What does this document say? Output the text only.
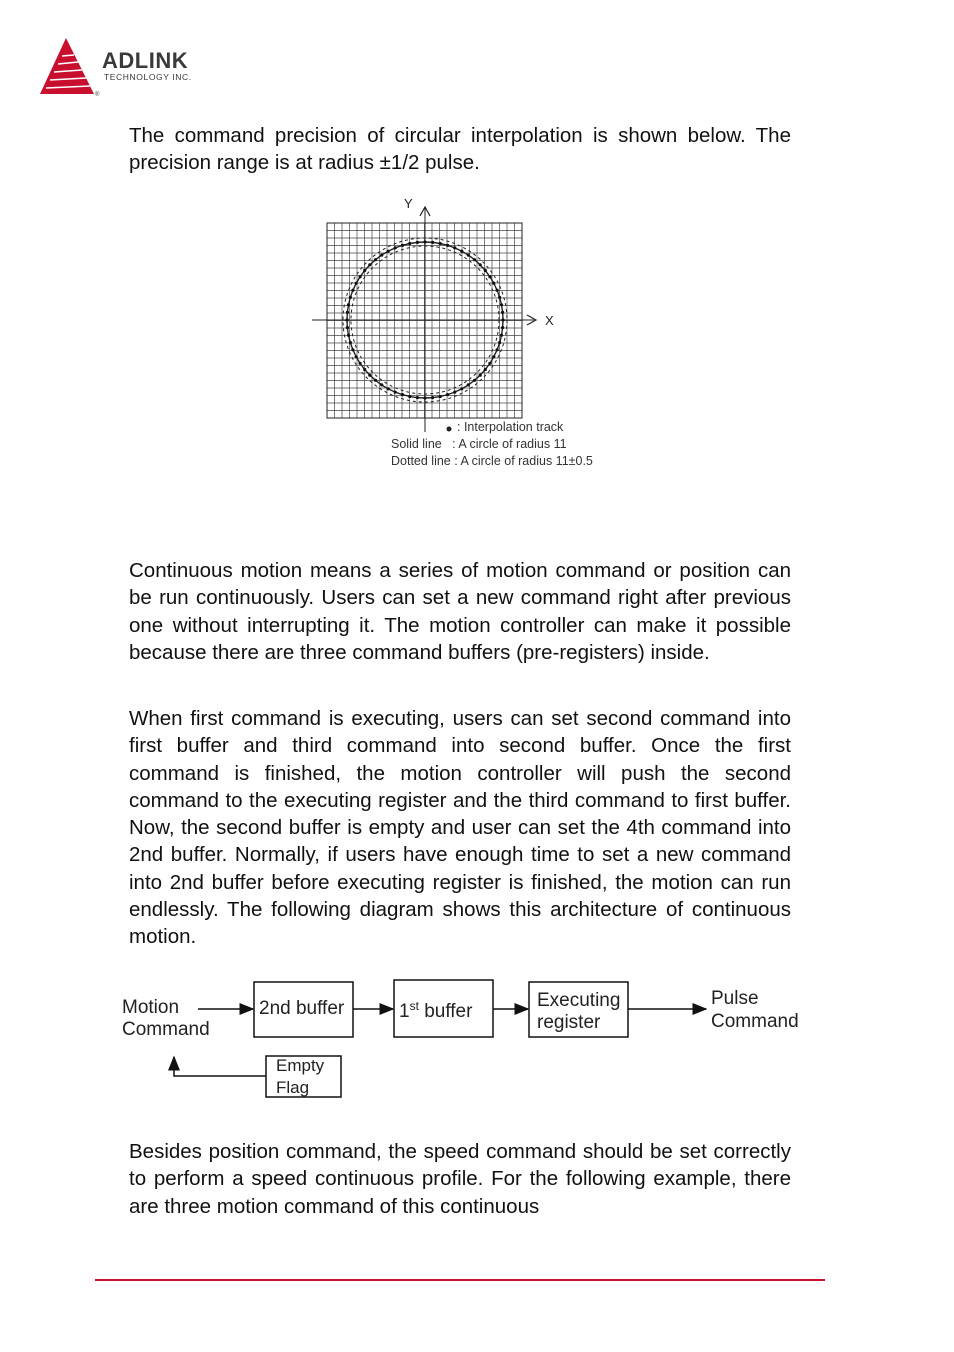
®
ADLINK
TECHNOLOGY INC.

The command precision of circular interpolation is shown below. The precision range is at radius ±1/2 pulse.

Y
X
: Interpolation track
Solid line   : A circle of radius 11
Dotted line : A circle of radius 11±0.5

Continuous motion means a series of motion command or position can be run continuously. Users can set a new command right after previous one without interrupting it. The motion controller can make it possible because there are three command buffers (pre-registers) inside.

When first command is executing, users can set second command into first buffer and third command into second buffer. Once the first command is finished, the motion controller will push the second command to the executing register and the third command to first buffer. Now, the second buffer is empty and user can set the 4th command into 2nd buffer. Normally, if users have enough time to set a new command into 2nd buffer before executing register is finished, the motion can run endlessly. The following diagram shows this architecture of continuous motion.

Motion
Command
2nd buffer	1st buffer
Executing
register
Pulse
Command
Empty
Flag

Besides position command, the speed command should be set correctly to perform a speed continuous profile. For the following example, there are three motion command of this continuous
